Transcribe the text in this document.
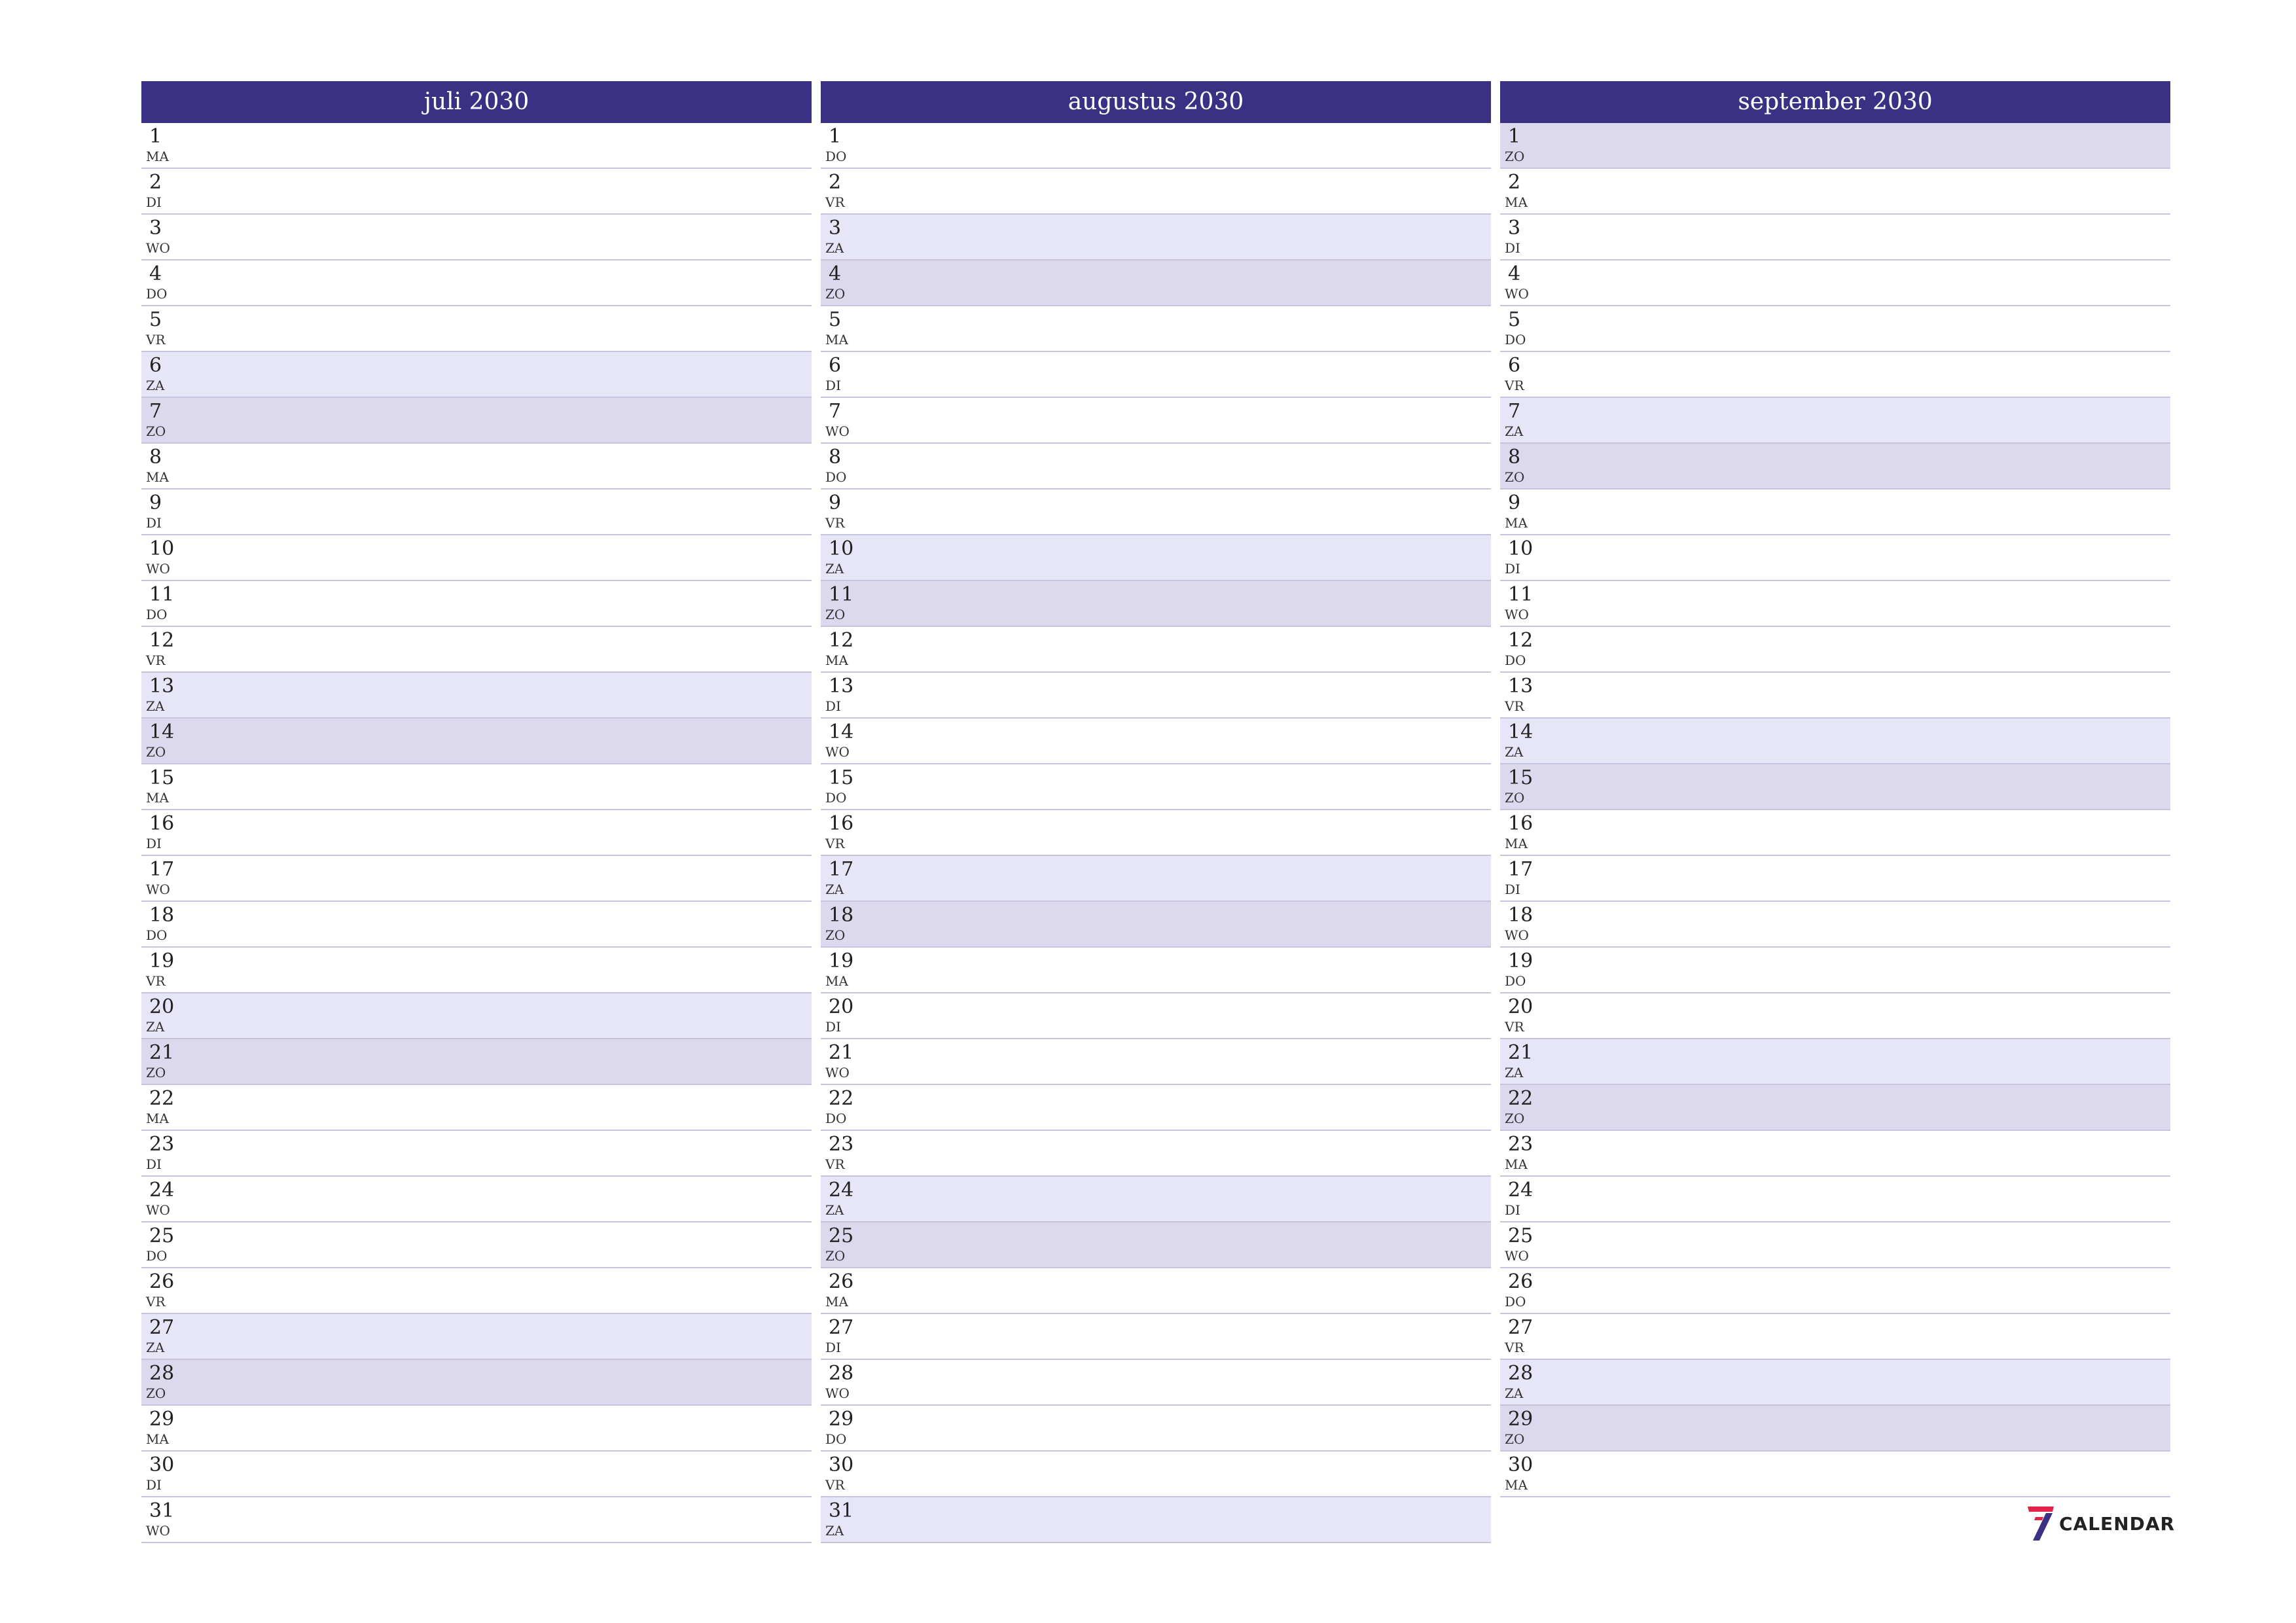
juli 2030
1
MA
2
DI
3
WO
4
DO
5
VR
6
ZA
7
ZO
8
MA
9
DI
10
WO
11
DO
12
VR
13
ZA
14
ZO
15
MA
16
DI
17
WO
18
DO
19
VR
20
ZA
21
ZO
22
MA
23
DI
24
WO
25
DO
26
VR
27
ZA
28
ZO
29
MA
30
DI
31
WO
augustus 2030
1
DO
2
VR
3
ZA
4
ZO
5
MA
6
DI
7
WO
8
DO
9
VR
10
ZA
11
ZO
12
MA
13
DI
14
WO
15
DO
16
VR
17
ZA
18
ZO
19
MA
20
DI
21
WO
22
DO
23
VR
24
ZA
25
ZO
26
MA
27
DI
28
WO
29
DO
30
VR
31
ZA
september 2030
1
ZO
2
MA
3
DI
4
WO
5
DO
6
VR
7
ZA
8
ZO
9
MA
10
DI
11
WO
12
DO
13
VR
14
ZA
15
ZO
16
MA
17
DI
18
WO
19
DO
20
VR
21
ZA
22
ZO
23
MA
24
DI
25
WO
26
DO
27
VR
28
ZA
29
ZO
30
MA
CALENDAR
